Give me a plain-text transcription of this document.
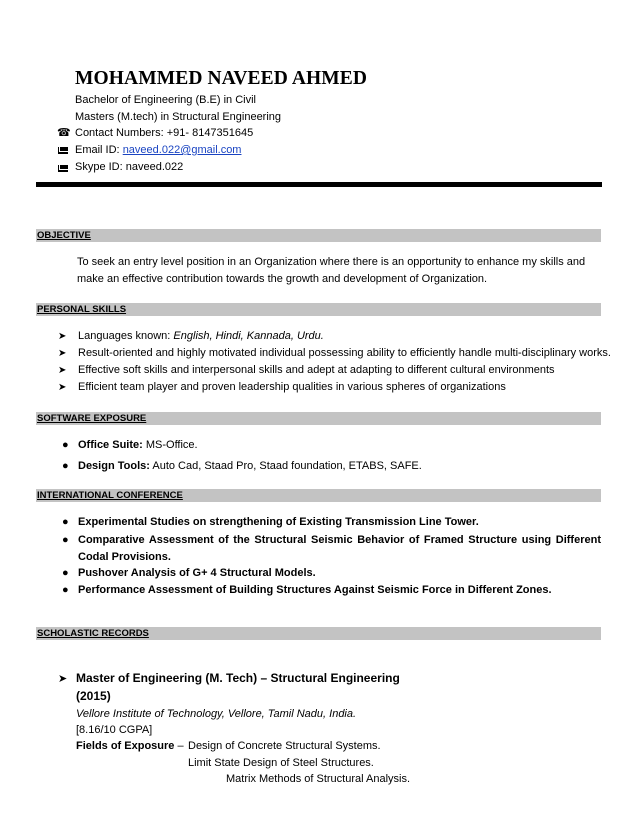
MOHAMMED NAVEED AHMED
Bachelor of Engineering (B.E) in Civil
Masters (M.tech) in Structural Engineering
☎ Contact Numbers: +91- 8147351645
Email ID: naveed.022@gmail.com
Skype ID: naveed.022
OBJECTIVE
To seek an entry level position in an Organization where there is an opportunity to enhance my skills and make an effective contribution towards the growth and development of Organization.
PERSONAL SKILLS
➤ Languages known: English, Hindi, Kannada, Urdu.
➤ Result-oriented and highly motivated individual possessing ability to efficiently handle multi-disciplinary works.
➤ Effective soft skills and interpersonal skills and adept at adapting to different cultural environments
➤ Efficient team player and proven leadership qualities in various spheres of organizations
SOFTWARE EXPOSURE
● Office Suite: MS-Office.
● Design Tools: Auto Cad, Staad Pro, Staad foundation, ETABS, SAFE.
INTERNATIONAL CONFERENCE
● Experimental Studies on strengthening of Existing Transmission Line Tower.
● Comparative Assessment of the Structural Seismic Behavior of Framed Structure using Different Codal Provisions.
● Pushover Analysis of G+ 4 Structural Models.
● Performance Assessment of Building Structures Against Seismic Force in Different Zones.
SCHOLASTIC RECORDS
➤ Master of Engineering (M. Tech) – Structural Engineering
(2015)
Vellore Institute of Technology, Vellore, Tamil Nadu, India.
[8.16/10 CGPA]
Fields of Exposure – Design of Concrete Structural Systems.
Limit State Design of Steel Structures.
Matrix Methods of Structural Analysis.
